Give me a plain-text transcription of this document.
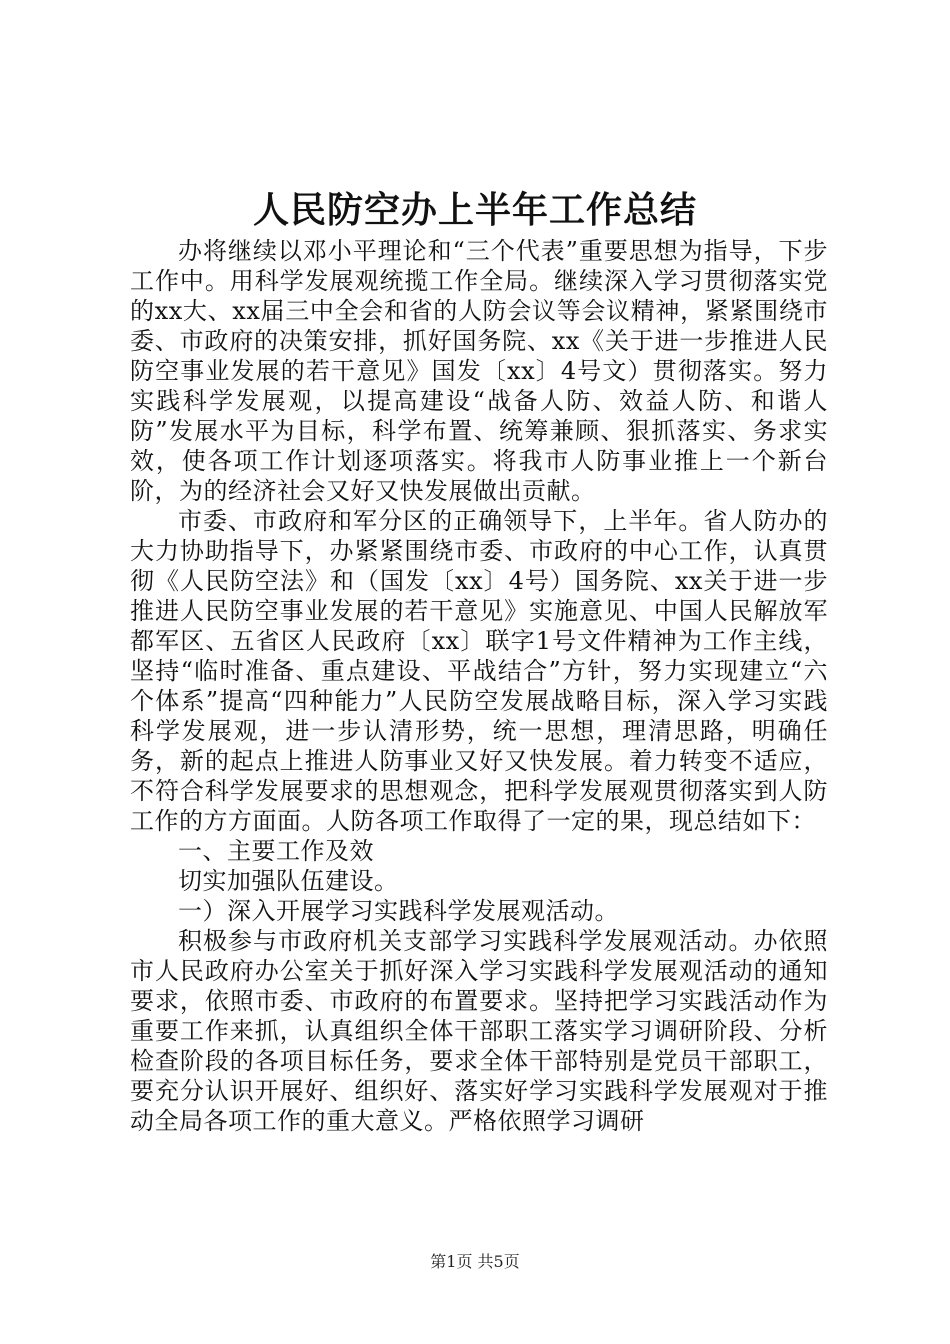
人民防空办上半年工作总结

办将继续以邓小平理论和“三个代表”重要思想为指导，下步工作中。用科学发展观统揽工作全局。继续深入学习贯彻落实党的xx大、xx届三中全会和省的人防会议等会议精神，紧紧围绕市委、市政府的决策安排，抓好国务院、xx《关于进一步推进人民防空事业发展的若干意见》国发〔xx〕4号文）贯彻落实。努力实践科学发展观，以提高建设“战备人防、效益人防、和谐人防”发展水平为目标，科学布置、统筹兼顾、狠抓落实、务求实效，使各项工作计划逐项落实。将我市人防事业推上一个新台阶，为的经济社会又好又快发展做出贡献。

市委、市政府和军分区的正确领导下，上半年。省人防办的大力协助指导下，办紧紧围绕市委、市政府的中心工作，认真贯彻《人民防空法》和（国发〔xx〕4号）国务院、xx关于进一步推进人民防空事业发展的若干意见》实施意见、中国人民解放军都军区、五省区人民政府〔xx〕联字1号文件精神为工作主线，坚持“临时准备、重点建设、平战结合”方针，努力实现建立“六个体系”提高“四种能力”人民防空发展战略目标，深入学习实践科学发展观，进一步认清形势，统一思想，理清思路，明确任务，新的起点上推进人防事业又好又快发展。着力转变不适应，不符合科学发展要求的思想观念，把科学发展观贯彻落实到人防工作的方方面面。人防各项工作取得了一定的果，现总结如下：

一、主要工作及效

切实加强队伍建设。

一）深入开展学习实践科学发展观活动。

积极参与市政府机关支部学习实践科学发展观活动。办依照市人民政府办公室关于抓好深入学习实践科学发展观活动的通知要求，依照市委、市政府的布置要求。坚持把学习实践活动作为重要工作来抓，认真组织全体干部职工落实学习调研阶段、分析检查阶段的各项目标任务，要求全体干部特别是党员干部职工，要充分认识开展好、组织好、落实好学习实践科学发展观对于推动全局各项工作的重大意义。严格依照学习调研

第1页 共5页
